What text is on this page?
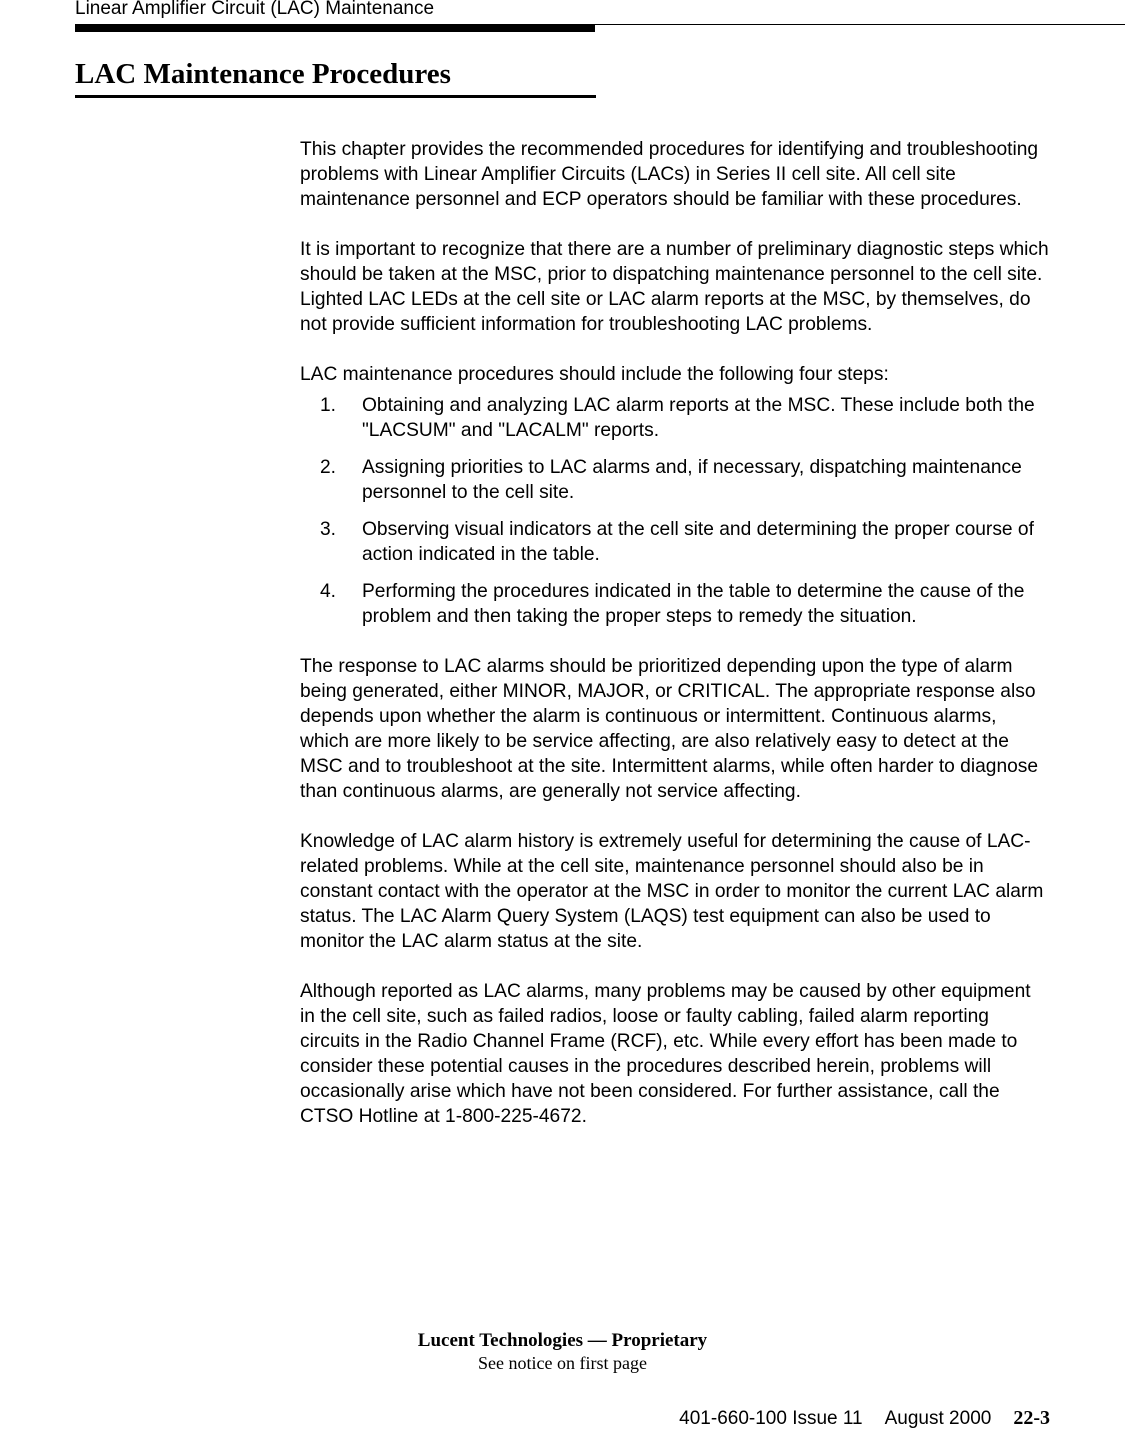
Linear Amplifier Circuit (LAC) Maintenance
LAC Maintenance Procedures

This chapter provides the recommended procedures for identifying and troubleshooting problems with Linear Amplifier Circuits (LACs) in Series II cell site. All cell site maintenance personnel and ECP operators should be familiar with these procedures.

It is important to recognize that there are a number of preliminary diagnostic steps which should be taken at the MSC, prior to dispatching maintenance personnel to the cell site. Lighted LAC LEDs at the cell site or LAC alarm reports at the MSC, by themselves, do not provide sufficient information for troubleshooting LAC problems.

LAC maintenance procedures should include the following four steps:

1. Obtaining and analyzing LAC alarm reports at the MSC. These include both the "LACSUM" and "LACALM" reports.
2. Assigning priorities to LAC alarms and, if necessary, dispatching maintenance personnel to the cell site.
3. Observing visual indicators at the cell site and determining the proper course of action indicated in the table.
4. Performing the procedures indicated in the table to determine the cause of the problem and then taking the proper steps to remedy the situation.

The response to LAC alarms should be prioritized depending upon the type of alarm being generated, either MINOR, MAJOR, or CRITICAL. The appropriate response also depends upon whether the alarm is continuous or intermittent. Continuous alarms, which are more likely to be service affecting, are also relatively easy to detect at the MSC and to troubleshoot at the site. Intermittent alarms, while often harder to diagnose than continuous alarms, are generally not service affecting.

Knowledge of LAC alarm history is extremely useful for determining the cause of LAC-related problems. While at the cell site, maintenance personnel should also be in constant contact with the operator at the MSC in order to monitor the current LAC alarm status. The LAC Alarm Query System (LAQS) test equipment can also be used to monitor the LAC alarm status at the site.

Although reported as LAC alarms, many problems may be caused by other equipment in the cell site, such as failed radios, loose or faulty cabling, failed alarm reporting circuits in the Radio Channel Frame (RCF), etc. While every effort has been made to consider these potential causes in the procedures described herein, problems will occasionally arise which have not been considered. For further assistance, call the CTSO Hotline at 1-800-225-4672.

Lucent Technologies — Proprietary
See notice on first page
401-660-100 Issue 11 August 2000 22-3
